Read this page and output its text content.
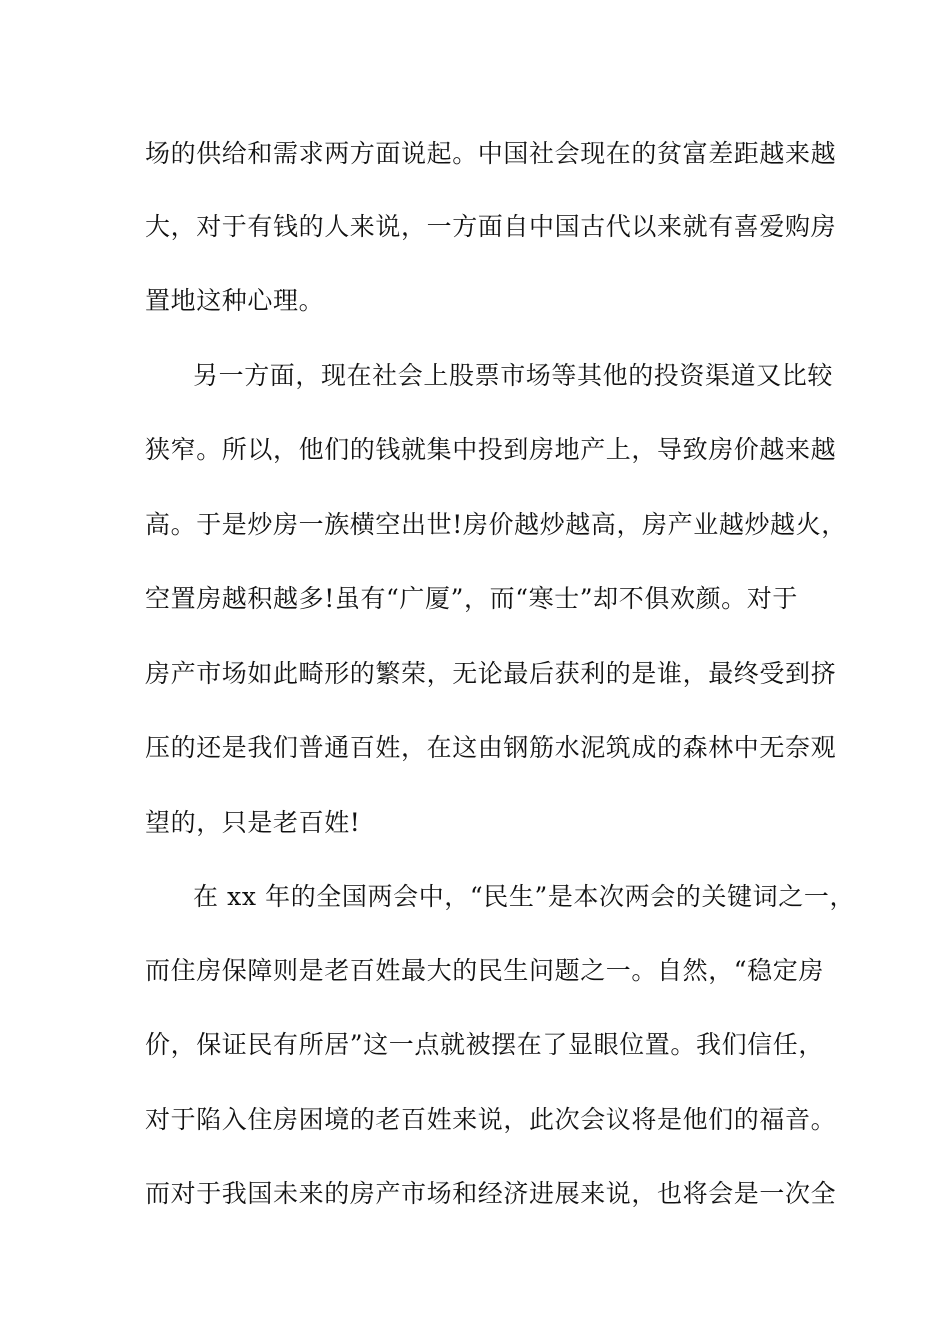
场的供给和需求两方面说起。中国社会现在的贫富差距越来越
大，对于有钱的人来说，一方面自中国古代以来就有喜爱购房
置地这种心理。
另一方面，现在社会上股票市场等其他的投资渠道又比较
狭窄。所以，他们的钱就集中投到房地产上，导致房价越来越
高。于是炒房一族横空出世!房价越炒越高，房产业越炒越火，
空置房越积越多!虽有“广厦”，而“寒士”却不俱欢颜。对于
房产市场如此畸形的繁荣，无论最后获利的是谁，最终受到挤
压的还是我们普通百姓，在这由钢筋水泥筑成的森林中无奈观
望的，只是老百姓!
在 xx 年的全国两会中，“民生”是本次两会的关键词之一，
而住房保障则是老百姓最大的民生问题之一。自然，“稳定房
价，保证民有所居”这一点就被摆在了显眼位置。我们信任，
对于陷入住房困境的老百姓来说，此次会议将是他们的福音。
而对于我国未来的房产市场和经济进展来说，也将会是一次全
